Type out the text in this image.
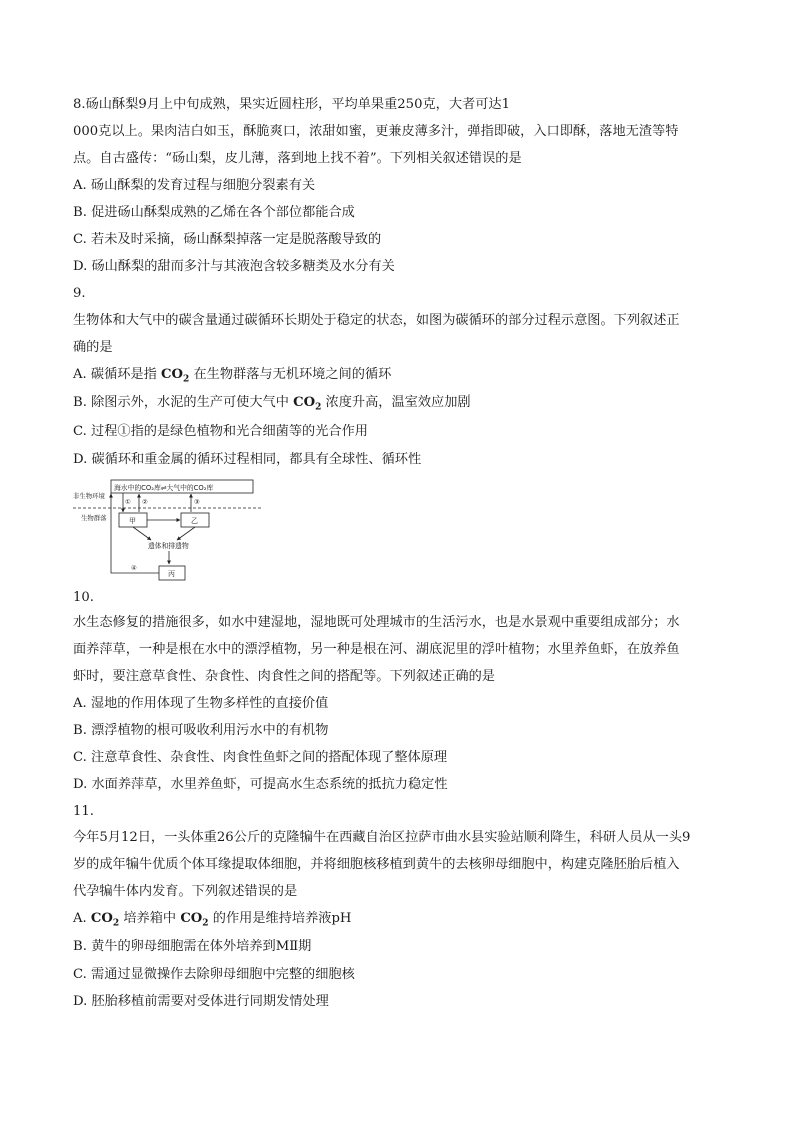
8.砀山酥梨9月上中旬成熟，果实近圆柱形，平均单果重250克，大者可达1
000克以上。果肉洁白如玉，酥脆爽口，浓甜如蜜，更兼皮薄多汁，弹指即破，入口即酥，落地无渣等特
点。自古盛传：“砀山梨，皮儿薄，落到地上找不着”。下列相关叙述错误的是
A. 砀山酥梨的发育过程与细胞分裂素有关
B. 促进砀山酥梨成熟的乙烯在各个部位都能合成
C. 若未及时采摘，砀山酥梨掉落一定是脱落酸导致的
D. 砀山酥梨的甜而多汁与其液泡含较多糖类及水分有关
9.
生物体和大气中的碳含量通过碳循环长期处于稳定的状态，如图为碳循环的部分过程示意图。下列叙述正
确的是
A. 碳循环是指 $CO_2$ 在生物群落与无机环境之间的循环
B. 除图示外，水泥的生产可使大气中 $CO_2$ 浓度升高，温室效应加剧
C. 过程①指的是绿色植物和光合细菌等的光合作用
D. 碳循环和重金属的循环过程相同，都具有全球性、循环性
海水中的CO₂库⇌大气中的CO₂库
非生物环境
生物群落
① ②	③
④
甲	乙
遗体和排遗物
丙
10.
水生态修复的措施很多，如水中建湿地，湿地既可处理城市的生活污水，也是水景观中重要组成部分；水
面养萍草，一种是根在水中的漂浮植物，另一种是根在河、湖底泥里的浮叶植物；水里养鱼虾，在放养鱼
虾时，要注意草食性、杂食性、肉食性之间的搭配等。下列叙述正确的是
A. 湿地的作用体现了生物多样性的直接价值
B. 漂浮植物的根可吸收利用污水中的有机物
C. 注意草食性、杂食性、肉食性鱼虾之间的搭配体现了整体原理
D. 水面养萍草，水里养鱼虾，可提高水生态系统的抵抗力稳定性
11.
今年5月12日，一头体重26公斤的克隆犏牛在西藏自治区拉萨市曲水县实验站顺利降生，科研人员从一头9
岁的成年犏牛优质个体耳缘提取体细胞，并将细胞核移植到黄牛的去核卵母细胞中，构建克隆胚胎后植入
代孕犏牛体内发育。下列叙述错误的是
A. $CO_2$ 培养箱中 $CO_2$ 的作用是维持培养液pH
B. 黄牛的卵母细胞需在体外培养到MⅡ期
C. 需通过显微操作去除卵母细胞中完整的细胞核
D. 胚胎移植前需要对受体进行同期发情处理
